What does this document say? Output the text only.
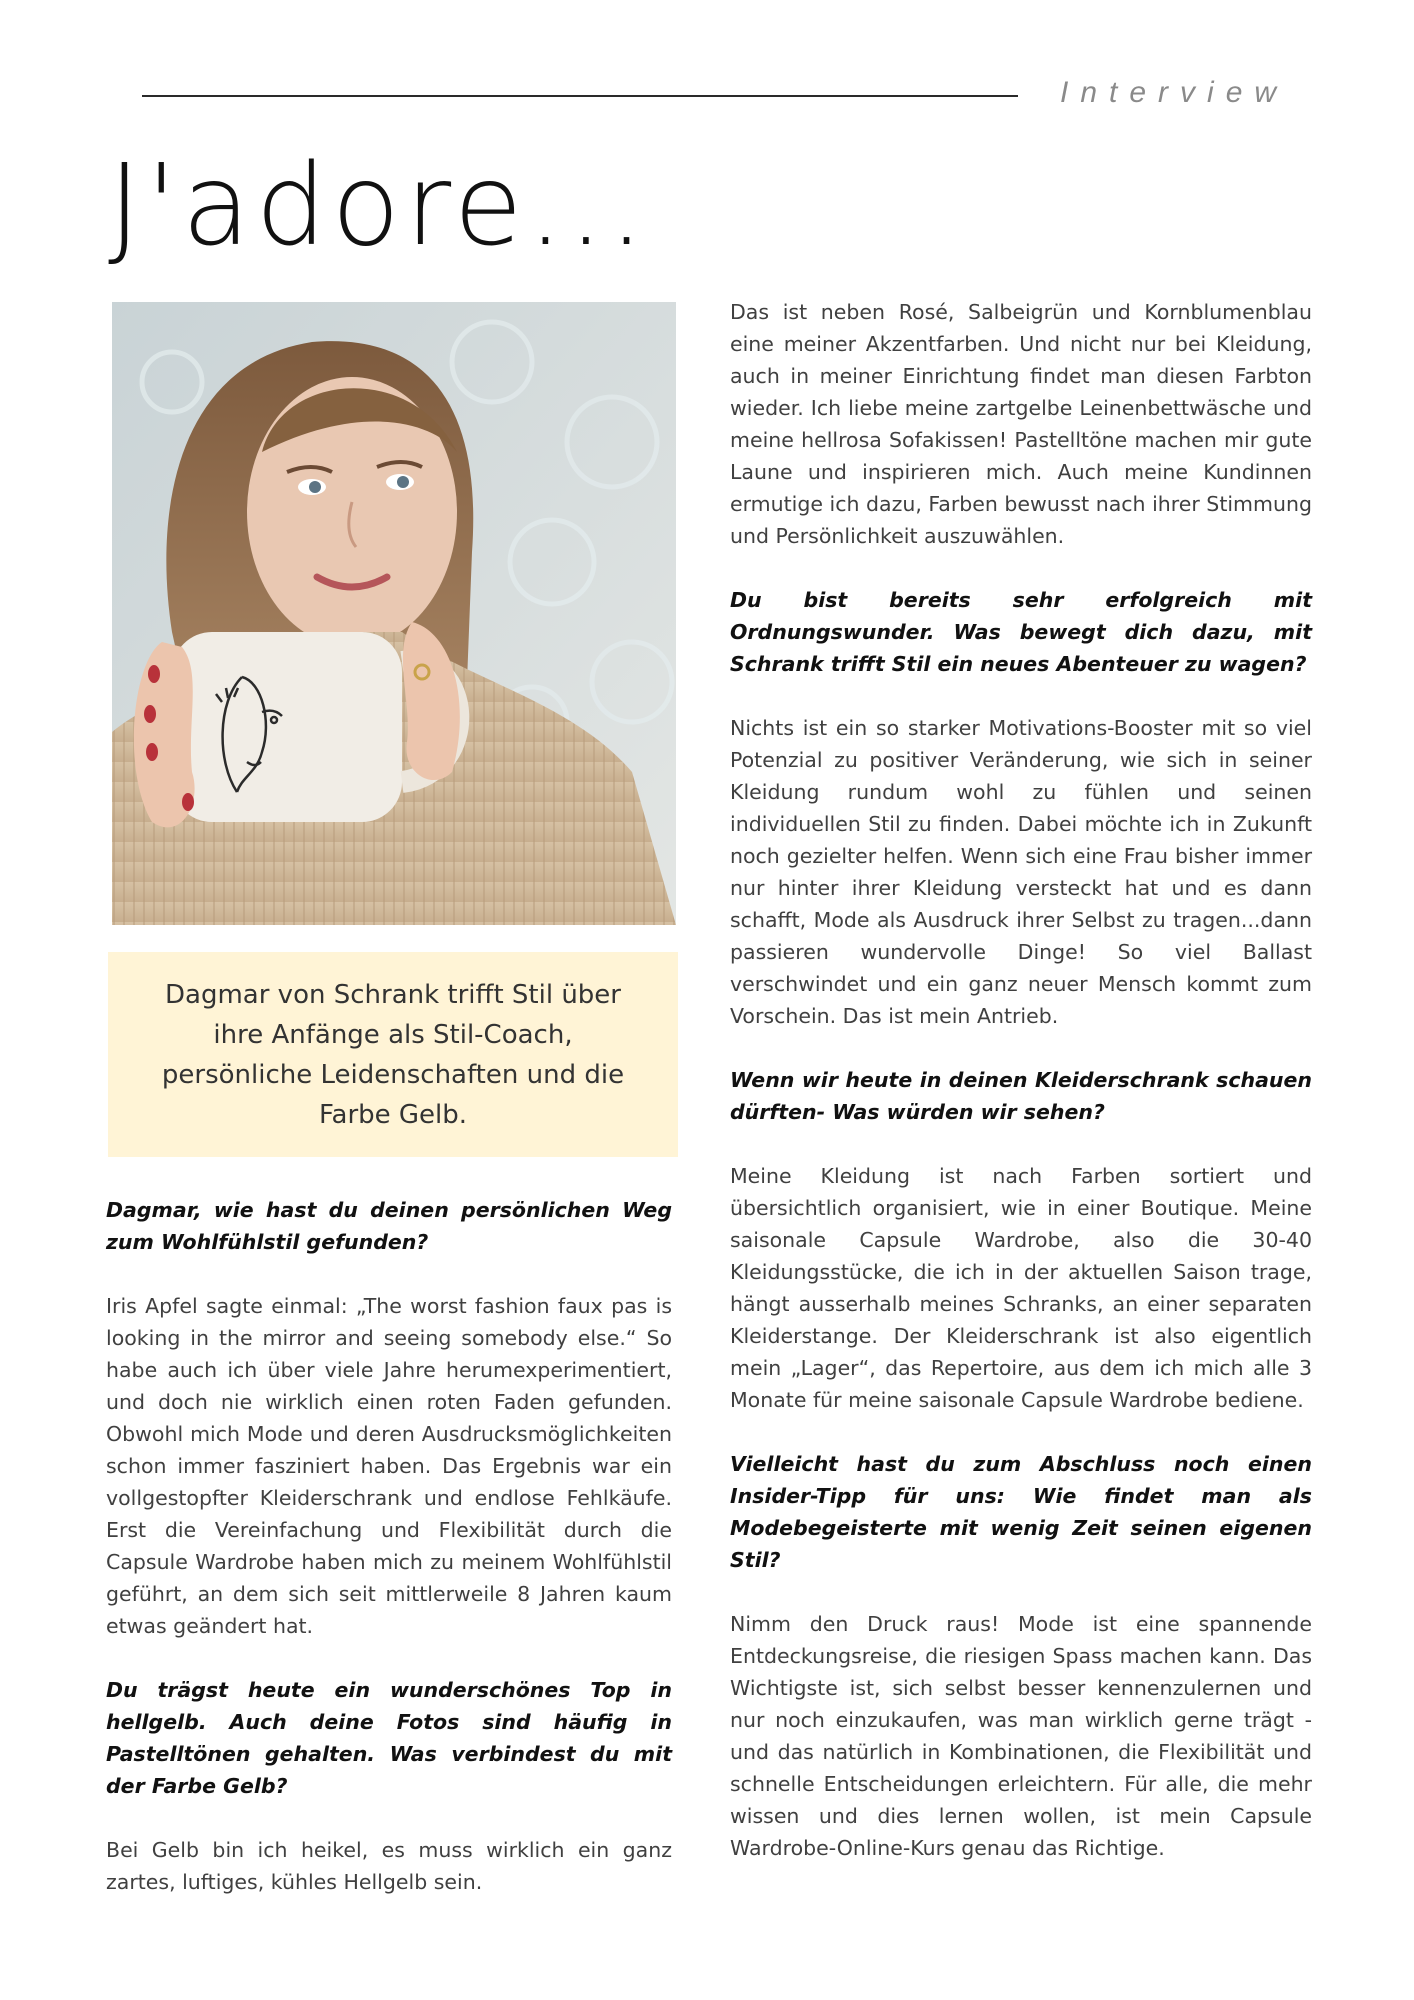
Interview
J'adore...

Dagmar von Schrank trifft Stil über ihre Anfänge als Stil-Coach, persönliche Leidenschaften und die Farbe Gelb.

Dagmar, wie hast du deinen persönlichen Weg zum Wohlfühlstil gefunden?

Iris Apfel sagte einmal: „The worst fashion faux pas is looking in the mirror and seeing somebody else.“ So habe auch ich über viele Jahre herumexperimentiert, und doch nie wirklich einen roten Faden gefunden. Obwohl mich Mode und deren Ausdrucksmöglichkeiten schon immer fasziniert haben. Das Ergebnis war ein vollgestopfter Kleiderschrank und endlose Fehlkäufe. Erst die Vereinfachung und Flexibilität durch die Capsule Wardrobe haben mich zu meinem Wohlfühlstil geführt, an dem sich seit mittlerweile 8 Jahren kaum etwas geändert hat.

Du trägst heute ein wunderschönes Top in hellgelb. Auch deine Fotos sind häufig in Pastelltönen gehalten. Was verbindest du mit der Farbe Gelb?

Bei Gelb bin ich heikel, es muss wirklich ein ganz zartes, luftiges, kühles Hellgelb sein.

Das ist neben Rosé, Salbeigrün und Kornblumenblau eine meiner Akzentfarben. Und nicht nur bei Kleidung, auch in meiner Einrichtung findet man diesen Farbton wieder. Ich liebe meine zartgelbe Leinenbettwäsche und meine hellrosa Sofakissen! Pastelltöne machen mir gute Laune und inspirieren mich. Auch meine Kundinnen ermutige ich dazu, Farben bewusst nach ihrer Stimmung und Persönlichkeit auszuwählen.

Du bist bereits sehr erfolgreich mit Ordnungswunder. Was bewegt dich dazu, mit Schrank trifft Stil ein neues Abenteuer zu wagen?

Nichts ist ein so starker Motivations-Booster mit so viel Potenzial zu positiver Veränderung, wie sich in seiner Kleidung rundum wohl zu fühlen und seinen individuellen Stil zu finden. Dabei möchte ich in Zukunft noch gezielter helfen. Wenn sich eine Frau bisher immer nur hinter ihrer Kleidung versteckt hat und es dann schafft, Mode als Ausdruck ihrer Selbst zu tragen...dann passieren wundervolle Dinge! So viel Ballast verschwindet und ein ganz neuer Mensch kommt zum Vorschein. Das ist mein Antrieb.

Wenn wir heute in deinen Kleiderschrank schauen dürften- Was würden wir sehen?

Meine Kleidung ist nach Farben sortiert und übersichtlich organisiert, wie in einer Boutique. Meine saisonale Capsule Wardrobe, also die 30-40 Kleidungsstücke, die ich in der aktuellen Saison trage, hängt ausserhalb meines Schranks, an einer separaten Kleiderstange. Der Kleiderschrank ist also eigentlich mein „Lager“, das Repertoire, aus dem ich mich alle 3 Monate für meine saisonale Capsule Wardrobe bediene.

Vielleicht hast du zum Abschluss noch einen Insider-Tipp für uns: Wie findet man als Modebegeisterte mit wenig Zeit seinen eigenen Stil?

Nimm den Druck raus! Mode ist eine spannende Entdeckungsreise, die riesigen Spass machen kann. Das Wichtigste ist, sich selbst besser kennenzulernen und nur noch einzukaufen, was man wirklich gerne trägt - und das natürlich in Kombinationen, die Flexibilität und schnelle Entscheidungen erleichtern. Für alle, die mehr wissen und dies lernen wollen, ist mein Capsule Wardrobe-Online-Kurs genau das Richtige.
